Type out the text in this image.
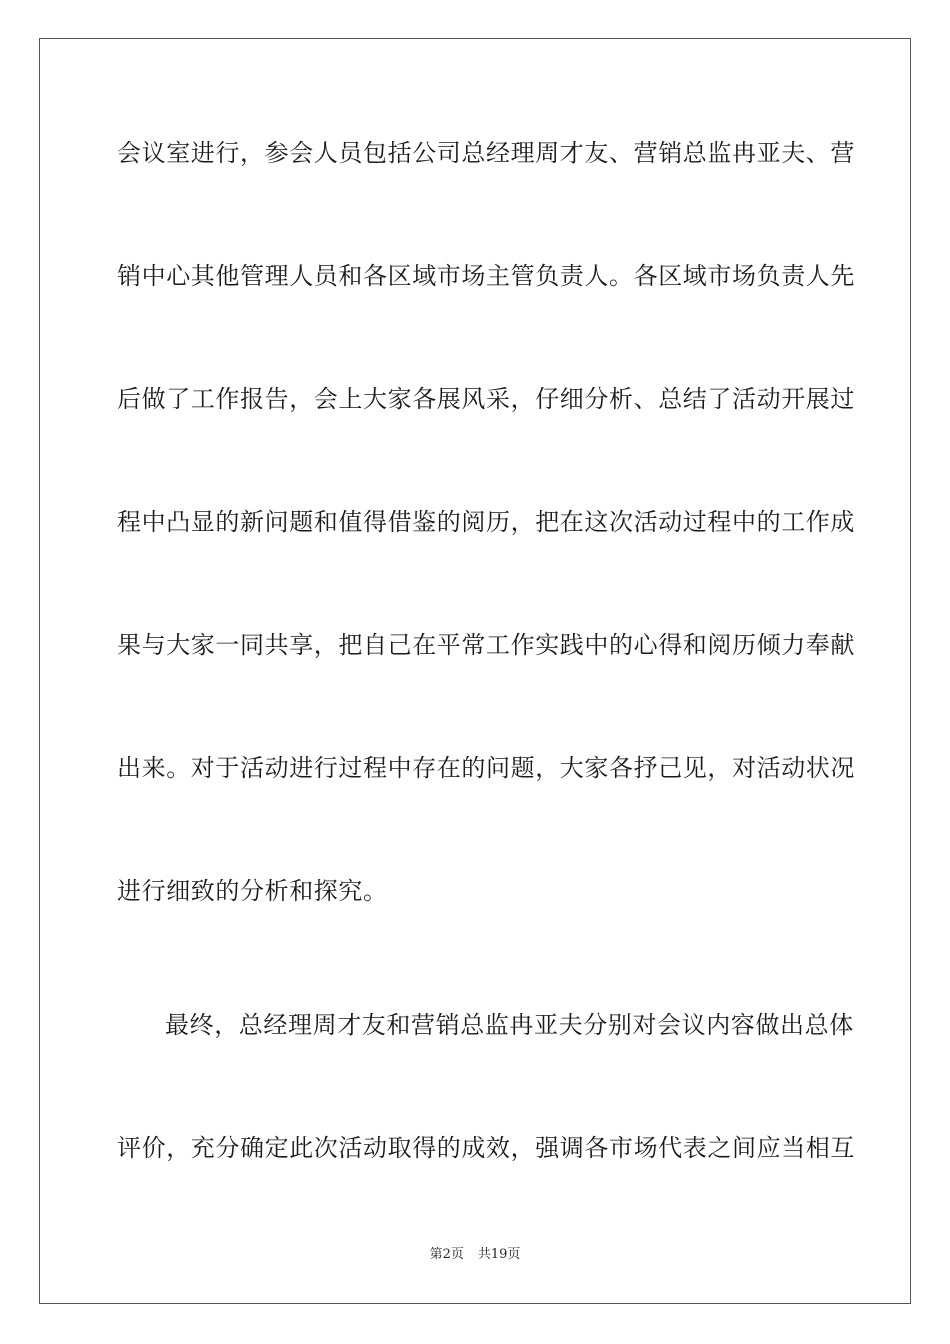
会议室进行，参会人员包括公司总经理周才友、营销总监冉亚夫、营
销中心其他管理人员和各区域市场主管负责人。各区域市场负责人先
后做了工作报告，会上大家各展风采，仔细分析、总结了活动开展过
程中凸显的新问题和值得借鉴的阅历，把在这次活动过程中的工作成
果与大家一同共享，把自己在平常工作实践中的心得和阅历倾力奉献
出来。对于活动进行过程中存在的问题，大家各抒己见，对活动状况
进行细致的分析和探究。
最终，总经理周才友和营销总监冉亚夫分别对会议内容做出总体
评价，充分确定此次活动取得的成效，强调各市场代表之间应当相互
第2页 共19页
